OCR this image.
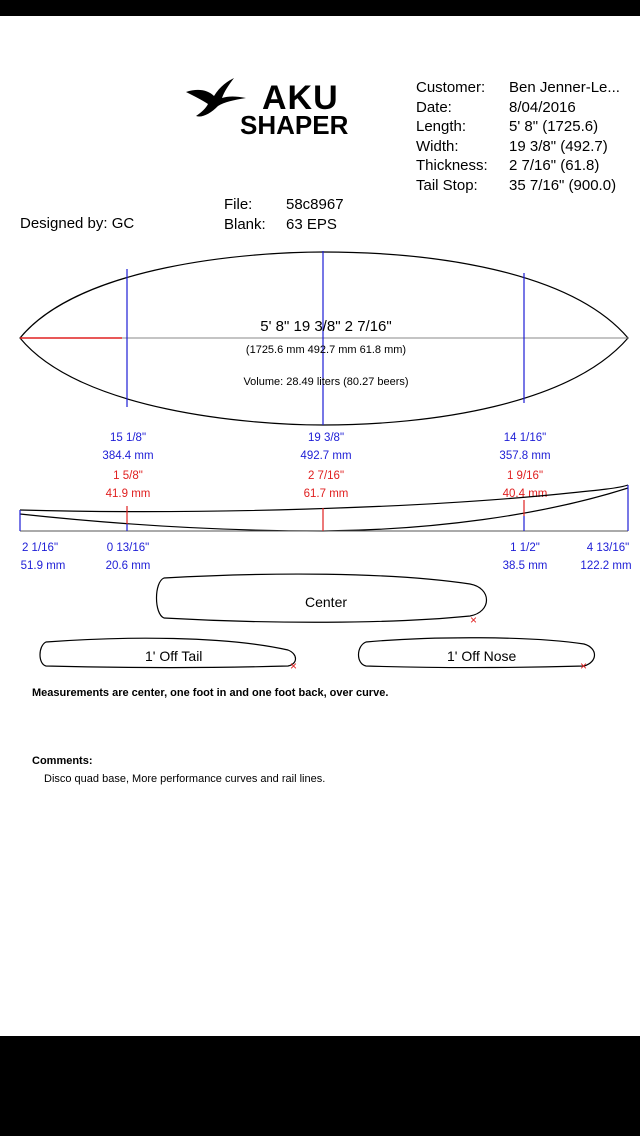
AKU
SHAPER
Customer:	Ben Jenner-Le...
Date:	8/04/2016
Length:	5' 8" (1725.6)
Width:	19 3/8" (492.7)
Thickness:	2 7/16" (61.8)
Tail Stop:	35 7/16" (900.0)
File:	58c8967
Blank:	63 EPS
Designed by: GC
5' 8" 19 3/8" 2 7/16"
(1725.6 mm 492.7 mm 61.8 mm)
Volume: 28.49 liters (80.27 beers)
15 1/8"
384.4 mm
19 3/8"
492.7 mm
14 1/16"
357.8 mm
1 5/8"
41.9 mm
2 7/16"
61.7 mm
1 9/16"
40.4 mm
2 1/16"
51.9 mm
0 13/16"
20.6 mm
1 1/2"
38.5 mm
4 13/16"
122.2 mm
×
Center
×
1' Off Tail
×
1' Off Nose
Measurements are center, one foot in and one foot back, over curve.
Comments:
Disco quad base, More performance curves and rail lines.
